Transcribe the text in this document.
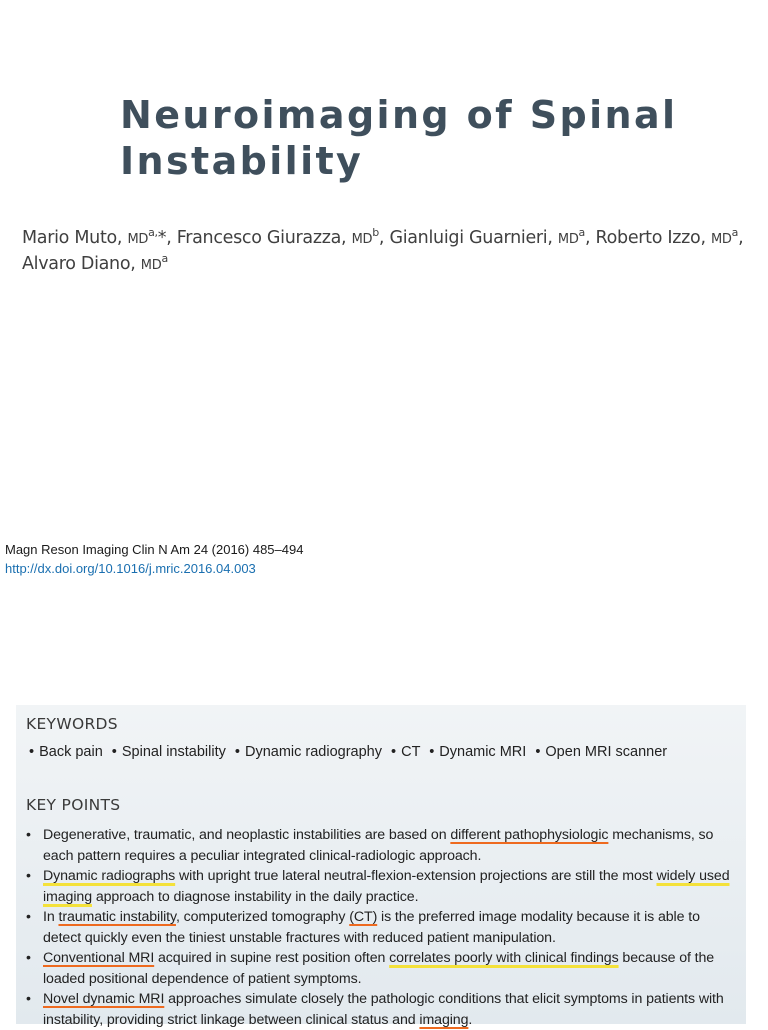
Neuroimaging of Spinal
Instability

Mario Muto, $MD^{a,}*$, Francesco Giurazza, $MD^b$, Gianluigi Guarnieri, $MD^a$, Roberto Izzo, $MD^a$, Alvaro Diano, $MD^a$

Magn Reson Imaging Clin N Am 24 (2016) 485–494
http://dx.doi.org/10.1016/j.mric.2016.04.003
KEYWORDS

• Back pain • Spinal instability • Dynamic radiography • CT • Dynamic MRI • Open MRI scanner

KEY POINTS
• Degenerative, traumatic, and neoplastic instabilities are based on different pathophysiologic mechanisms, so each pattern requires a peculiar integrated clinical-radiologic approach.
• Dynamic radiographs with upright true lateral neutral-flexion-extension projections are still the most widely used imaging approach to diagnose instability in the daily practice.
• In traumatic instability, computerized tomography (CT) is the preferred image modality because it is able to detect quickly even the tiniest unstable fractures with reduced patient manipulation.
• Conventional MRI acquired in supine rest position often correlates poorly with clinical findings because of the loaded positional dependence of patient symptoms.
• Novel dynamic MRI approaches simulate closely the pathologic conditions that elicit symptoms in patients with instability, providing strict linkage between clinical status and imaging.
